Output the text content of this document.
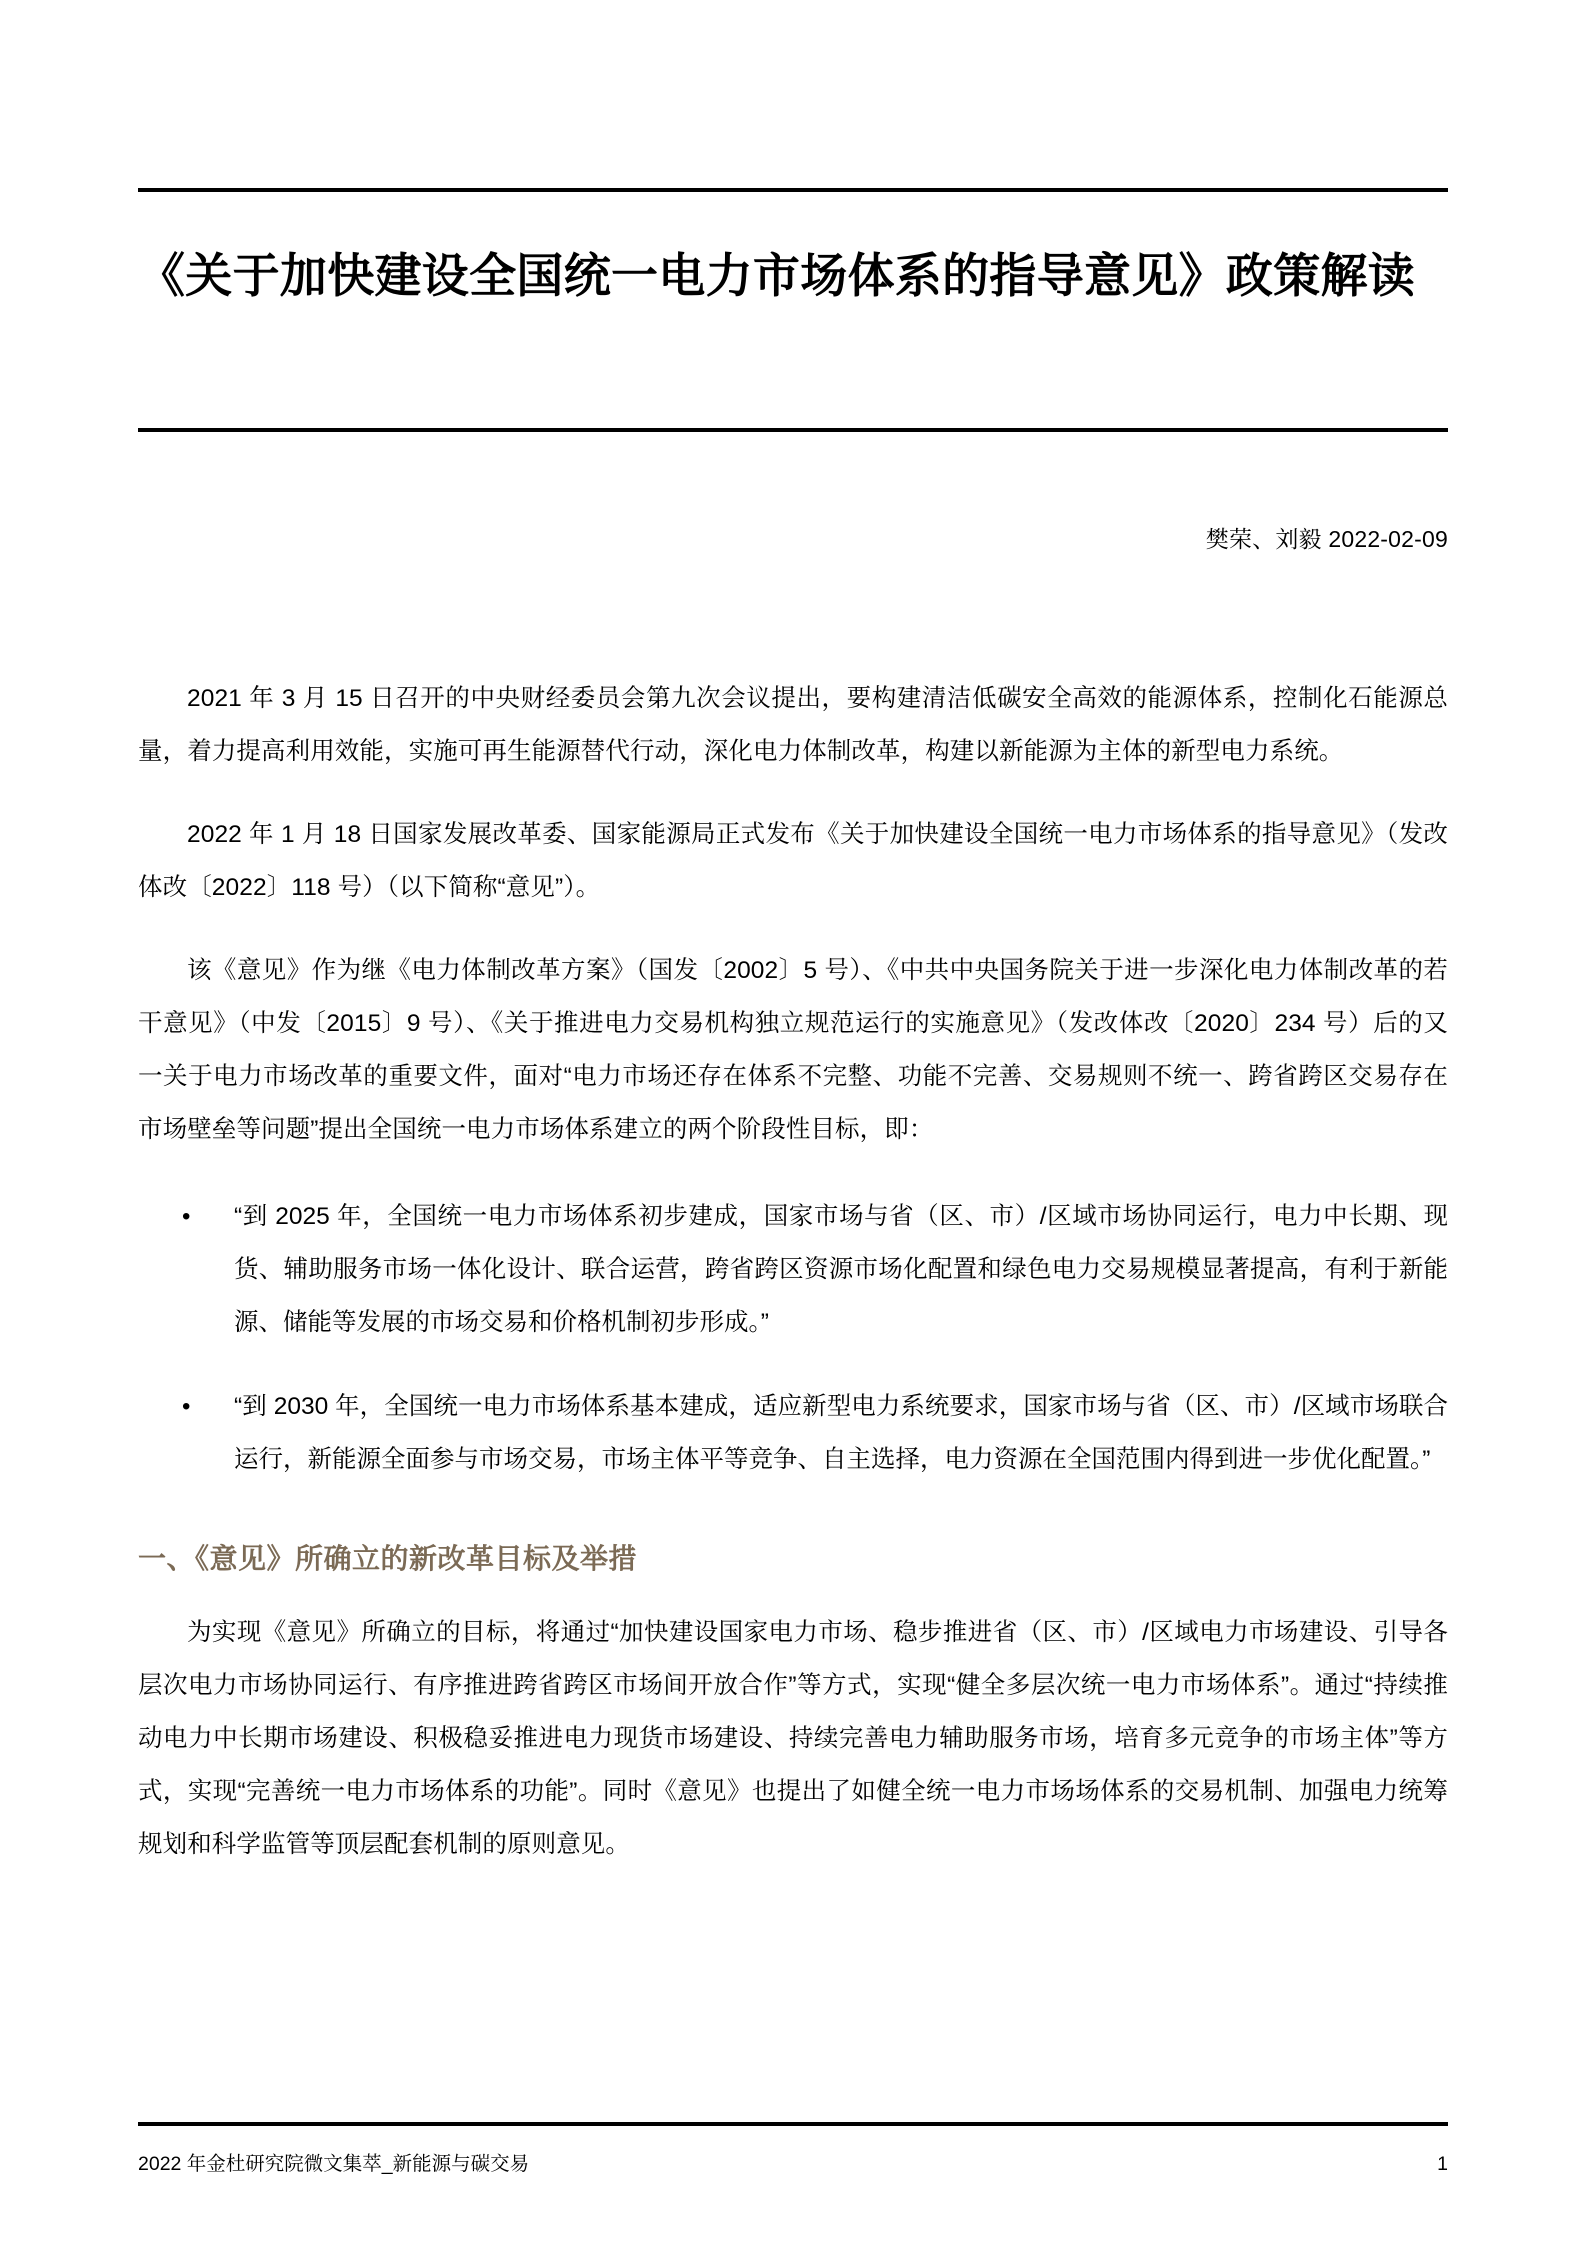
《关于加快建设全国统一电力市场体系的指导意见》政策解读
樊荣、刘毅 2022-02-09

2021 年 3 月 15 日召开的中央财经委员会第九次会议提出，要构建清洁低碳安全高效的能源体系，控制化石能源总量，着力提高利用效能，实施可再生能源替代行动，深化电力体制改革，构建以新能源为主体的新型电力系统。

2022 年 1 月 18 日国家发展改革委、国家能源局正式发布《关于加快建设全国统一电力市场体系的指导意见》（发改体改〔2022〕118 号）（以下简称“意见”）。

该《意见》作为继《电力体制改革方案》（国发〔2002〕5 号）、《中共中央国务院关于进一步深化电力体制改革的若干意见》（中发〔2015〕9 号）、《关于推进电力交易机构独立规范运行的实施意见》（发改体改〔2020〕234 号）后的又一关于电力市场改革的重要文件，面对“电力市场还存在体系不完整、功能不完善、交易规则不统一、跨省跨区交易存在市场壁垒等问题”提出全国统一电力市场体系建立的两个阶段性目标，即：

• “到 2025 年，全国统一电力市场体系初步建成，国家市场与省（区、市）/区域市场协同运行，电力中长期、现货、辅助服务市场一体化设计、联合运营，跨省跨区资源市场化配置和绿色电力交易规模显著提高，有利于新能源、储能等发展的市场交易和价格机制初步形成。”
• “到 2030 年，全国统一电力市场体系基本建成，适应新型电力系统要求，国家市场与省（区、市）/区域市场联合运行，新能源全面参与市场交易，市场主体平等竞争、自主选择，电力资源在全国范围内得到进一步优化配置。”
一、《意见》所确立的新改革目标及举措

为实现《意见》所确立的目标，将通过“加快建设国家电力市场、稳步推进省（区、市）/区域电力市场建设、引导各层次电力市场协同运行、有序推进跨省跨区市场间开放合作”等方式，实现“健全多层次统一电力市场体系”。通过“持续推动电力中长期市场建设、积极稳妥推进电力现货市场建设、持续完善电力辅助服务市场，培育多元竞争的市场主体”等方式，实现“完善统一电力市场体系的功能”。同时《意见》也提出了如健全统一电力市场场体系的交易机制、加强电力统筹规划和科学监管等顶层配套机制的原则意见。

2022 年金杜研究院微文集萃_新能源与碳交易	1
